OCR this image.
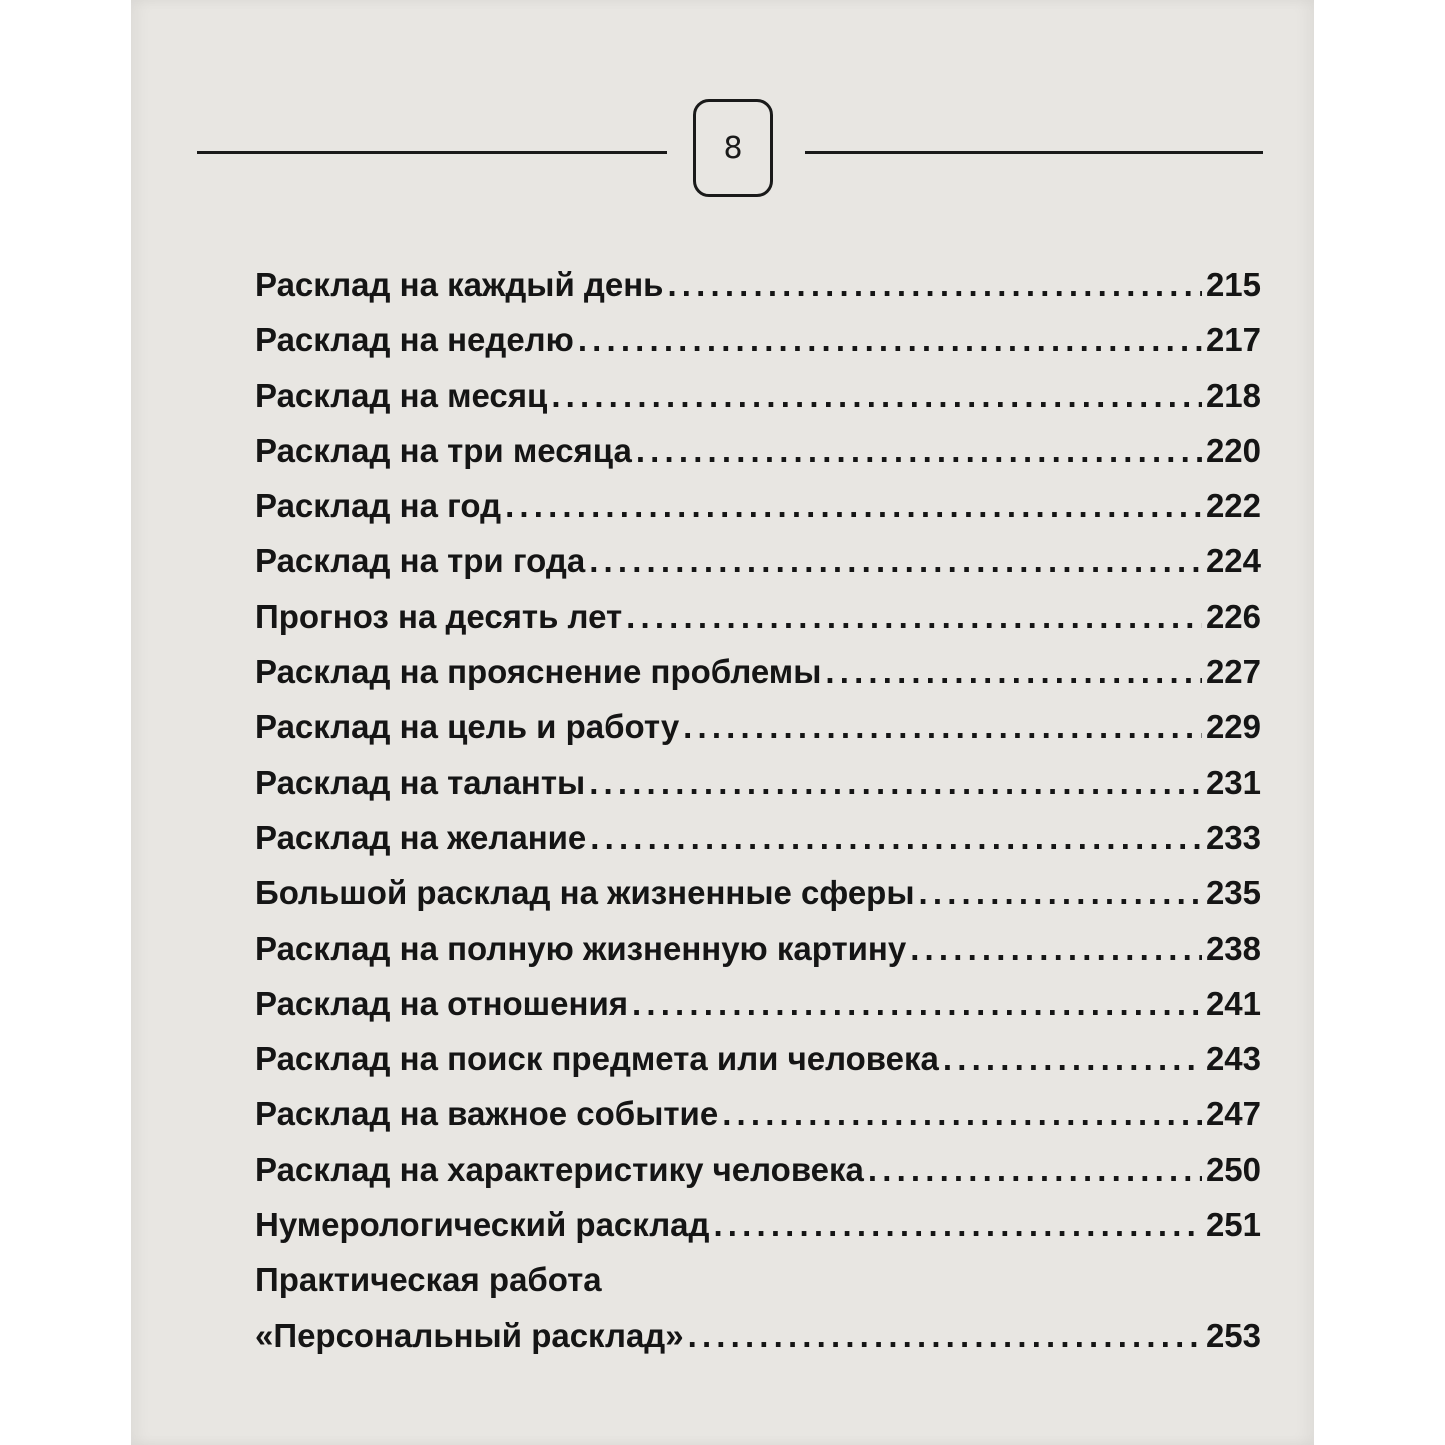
8
Расклад на каждый день . . .	215
Расклад на неделю . . .	217
Расклад на месяц . . .	218
Расклад на три месяца . . .	220
Расклад на год . . .	222
Расклад на три года . . .	224
Прогноз на десять лет . . .	226
Расклад на прояснение проблемы . . .	227
Расклад на цель и работу . . .	229
Расклад на таланты . . .	231
Расклад на желание . . .	233
Большой расклад на жизненные сферы . . .	235
Расклад на полную жизненную картину . . .	238
Расклад на отношения . . .	241
Расклад на поиск предмета или человека . . .	243
Расклад на важное событие . . .	247
Расклад на характеристику человека . . .	250
Нумерологический расклад . . .	251
Практическая работа
«Персональный расклад» . . .	253
